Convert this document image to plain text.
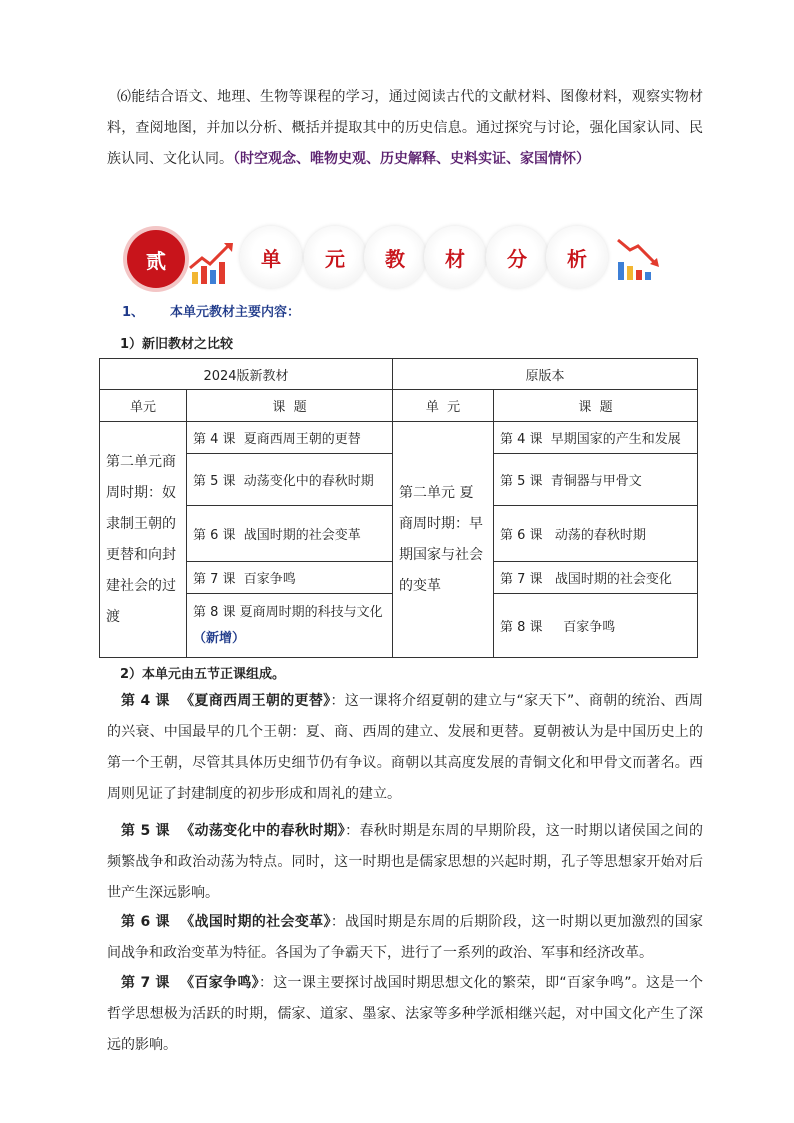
⑹能结合语文、地理、生物等课程的学习，通过阅读古代的文献材料、图像材料，观察实物材料，查阅地图，并加以分析、概括并提取其中的历史信息。通过探究与讨论，强化国家认同、民族认同、文化认同。（时空观念、唯物史观、历史解释、史料实证、家国情怀）

贰	单	元	教	材	分	析
1、 本单元教材主要内容：
1）新旧教材之比较
2024版新教材		原版本	
单元	课  题	单  元	课  题
第二单元商周时期：奴隶制王朝的更替和向封建社会的过渡	第 4 课  夏商西周王朝的更替	第二单元 夏商周时期：早期国家与社会的变革	第 4 课  早期国家的产生和发展
	第 5 课  动荡变化中的春秋时期		第 5 课  青铜器与甲骨文
	第 6 课  战国时期的社会变革		第 6 课   动荡的春秋时期
	第 7 课  百家争鸣		第 7 课   战国时期的社会变化
	第 8 课 夏商周时期的科技与文化（新增）		第 8 课     百家争鸣
2）本单元由五节正课组成。

第 4 课  《夏商西周王朝的更替》：这一课将介绍夏朝的建立与“家天下”、商朝的统治、西周的兴衰、中国最早的几个王朝：夏、商、西周的建立、发展和更替。夏朝被认为是中国历史上的第一个王朝，尽管其具体历史细节仍有争议。商朝以其高度发展的青铜文化和甲骨文而著名。西周则见证了封建制度的初步形成和周礼的建立。

第 5 课  《动荡变化中的春秋时期》：春秋时期是东周的早期阶段，这一时期以诸侯国之间的频繁战争和政治动荡为特点。同时，这一时期也是儒家思想的兴起时期，孔子等思想家开始对后世产生深远影响。

第 6 课  《战国时期的社会变革》：战国时期是东周的后期阶段，这一时期以更加激烈的国家间战争和政治变革为特征。各国为了争霸天下，进行了一系列的政治、军事和经济改革。

第 7 课  《百家争鸣》：这一课主要探讨战国时期思想文化的繁荣，即“百家争鸣”。这是一个哲学思想极为活跃的时期，儒家、道家、墨家、法家等多种学派相继兴起，对中国文化产生了深远的影响。
